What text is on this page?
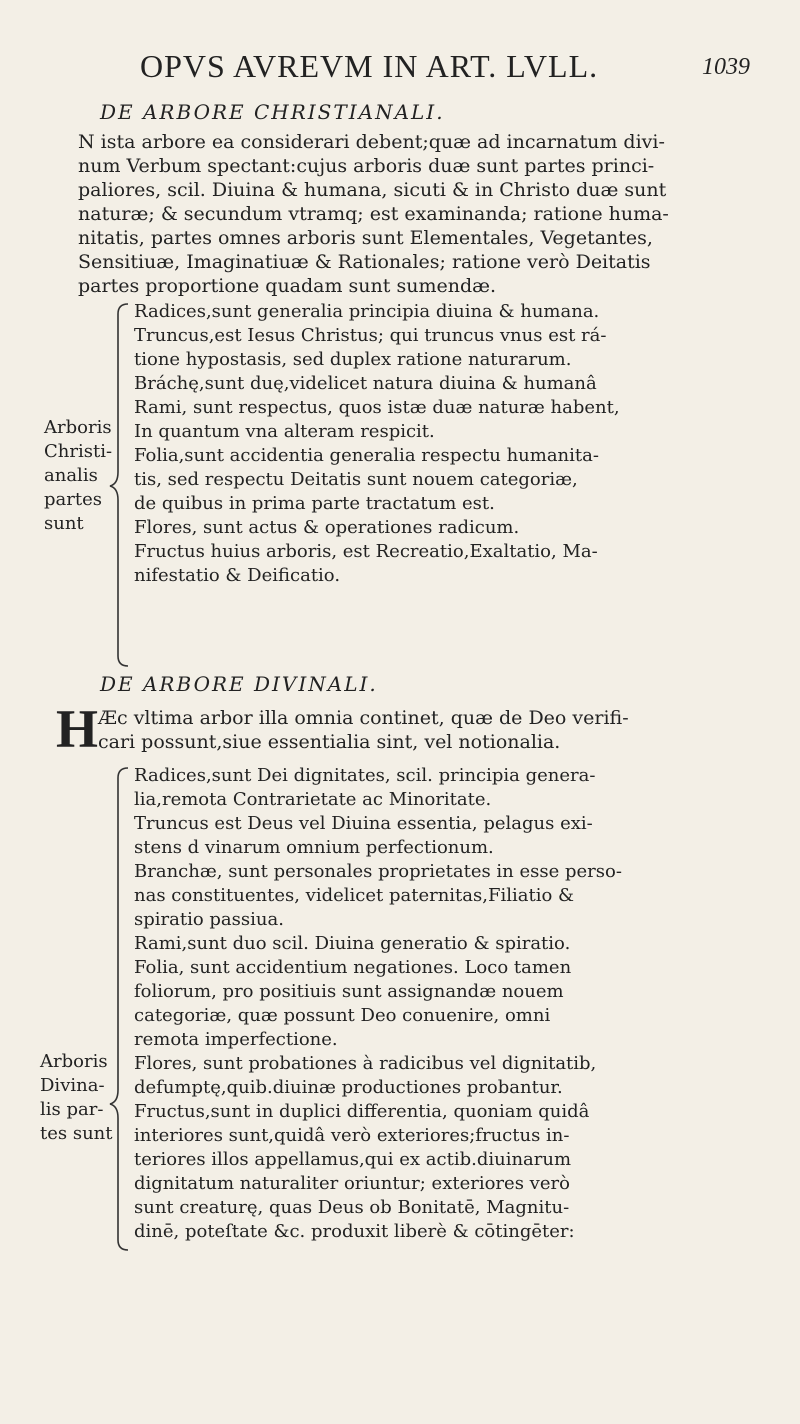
OPVS AVREVM IN ART. LVLL.	1039
DE ARBORE CHRISTIANALI.
N ista arbore ea considerari debent;quæ ad incarnatum divi-
num Verbum spectant:cujus arboris duæ sunt partes princi-
paliores, scil. Diuina & humana, sicuti & in Christo duæ sunt
naturæ; & secundum vtramq; est examinanda; ratione huma-
nitatis, partes omnes arboris sunt Elementales, Vegetantes,
Sensitiuæ, Imaginatiuæ & Rationales; ratione verò Deitatis
partes proportione quadam sunt sumendæ.
Arboris
Christi-
analis
partes
sunt
Radices,sunt generalia principia diuina & humana.
Truncus,est Iesus Christus; qui truncus vnus est rá-
tione hypostasis, sed duplex ratione naturarum.
Bráchę,sunt duę,videlicet natura diuina & humanâ
Rami, sunt respectus, quos istæ duæ naturæ habent,
In quantum vna alteram respicit.
Folia,sunt accidentia generalia respectu humanita-
tis, sed respectu Deitatis sunt nouem categoriæ,
de quibus in prima parte tractatum est.
Flores, sunt actus & operationes radicum.
Fructus huius arboris, est Recreatio,Exaltatio, Ma-
nifestatio & Deificatio.
DE ARBORE DIVINALI.
H Æc vltima arbor illa omnia continet, quæ de Deo verifi-
cari possunt,siue essentialia sint, vel notionalia.
Arboris
Divina-
lis par-
tes sunt
Radices,sunt Dei dignitates, scil. principia genera-
lia,remota Contrarietate ac Minoritate.
Truncus est Deus vel Diuina essentia, pelagus exi-
stens d vinarum omnium perfectionum.
Branchæ, sunt personales proprietates in esse perso-
nas constituentes, videlicet paternitas,Filiatio &
spiratio passiua.
Rami,sunt duo scil. Diuina generatio & spiratio.
Folia, sunt accidentium negationes. Loco tamen
foliorum, pro positiuis sunt assignandæ nouem
categoriæ, quæ possunt Deo conuenire, omni
remota imperfectione.
Flores, sunt probationes à radicibus vel dignitatib,
defumptę,quib.diuinæ productiones probantur.
Fructus,sunt in duplici differentia, quoniam quidâ
interiores sunt,quidâ verò exteriores;fructus in-
teriores illos appellamus,qui ex actib.diuinarum
dignitatum naturaliter oriuntur; exteriores verò
sunt creaturę, quas Deus ob Bonitatē, Magnitu-
dinē, poteſtate &c. produxit liberè & cōtingēter:
